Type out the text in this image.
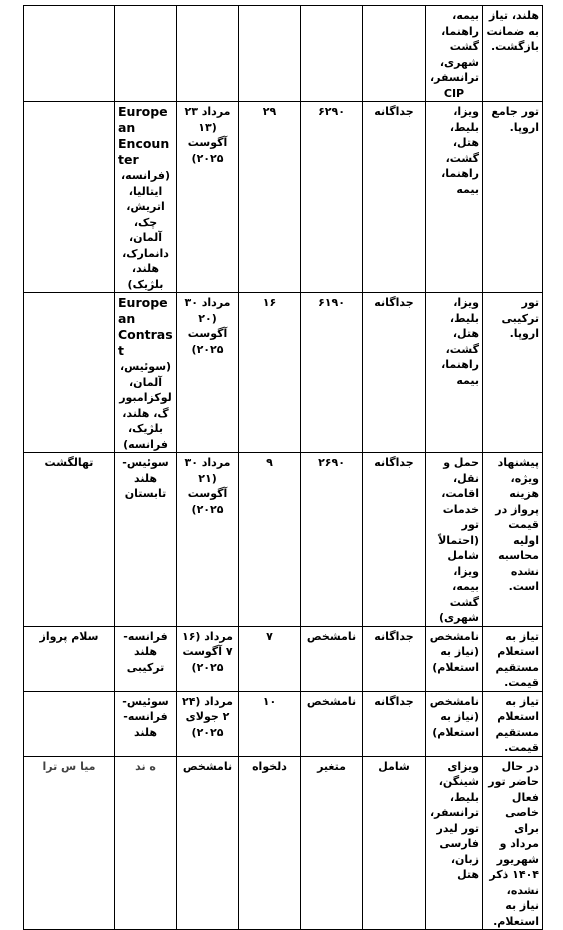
هلند، تیاز به ضمانت بازگشت.	بیمه، راهنما، گشت شهری، ترانسفر،
CIP						

تور جامع اروپا.	ویزا، بلیط، هتل، گشت، راهنما، بیمه	جداگانه	۶۲۹۰	۲۹	مرداد ۲۳ (۱۳ آگوست ۲۰۲۵)	European Encounter
(فرانسه، ایتالیا، اتریش، چک، آلمان، دانمارک، هلند، بلژیک)	

تور ترکیبی اروپا.	ویزا، بلیط، هتل، گشت، راهنما، بیمه	جداگانه	۶۱۹۰	۱۶	مرداد ۳۰ (۲۰ آگوست ۲۰۲۵)	European Contrast
(سوئیس، آلمان، لوکزامبورگ، هلند، بلژیک، فرانسه)	

پیشنهاد ویژه، هزینه پرواز در قیمت اولیه محاسبه نشده است.	حمل و نقل، اقامت، خدمات تور (احتمالاً شامل ویزا، بیمه، گشت شهری)	جداگانه	۲۶۹۰	۹	مرداد ۳۰ (۲۱ آگوست ۲۰۲۵)	سوئیس-هلند تابستان	تهالگشت
تیاز به استعلام مستقیم قیمت.	نامشخص (نیاز به استعلام)	جداگانه	نامشخص	۷	مرداد (۱۶ ۷ آگوست ۲۰۲۵)	فرانسه-هلند ترکیبی	سلام پرواز
تیاز به استعلام مستقیم قیمت.	نامشخص (نیاز به استعلام)	جداگانه	نامشخص	۱۰	مرداد (۲۴ ۲ جولای ۲۰۲۵)	سوئیس-فرانسه-هلند	
در حال حاضر تور فعال خاصی برای مرداد و شهریور ۱۴۰۴ ذکر نشده، نیاز به استعلام.	ویزای شینگن، بلیط، ترانسفر، تور لیدر فارسی زبان، هتل	شامل	متغیر	دلخواه	نامشخص	ه ند	میا س ترا
